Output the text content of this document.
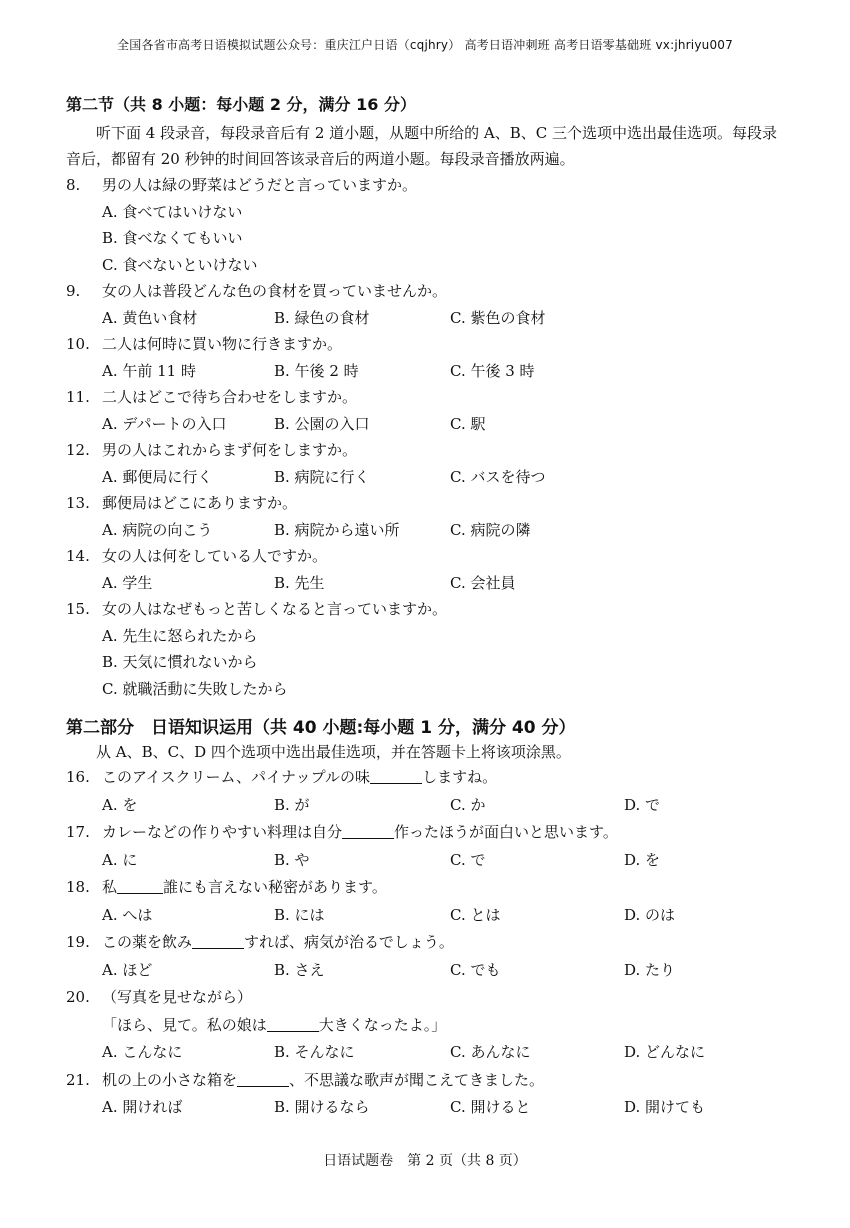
全国各省市高考日语模拟试题公众号：重庆江户日语（cqjhry） 高考日语冲刺班 高考日语零基础班 vx:jhriyu007
第二节（共 8 小题：每小题 2 分，满分 16 分）
听下面 4 段录音，每段录音后有 2 道小题，从题中所给的 A、B、C 三个选项中选出最佳选项。每段录音后，都留有 20 秒钟的时间回答该录音后的两道小题。每段录音播放两遍。
8. 男の人は緑の野菜はどうだと言っていますか。
A. 食べてはいけない
B. 食べなくてもいい
C. 食べないといけない
9. 女の人は普段どんな色の食材を買っていませんか。
A. 黄色い食材	B. 緑色の食材	C. 紫色の食材
10. 二人は何時に買い物に行きますか。
A. 午前 11 時	B. 午後 2 時	C. 午後 3 時
11. 二人はどこで待ち合わせをしますか。
A. デパートの入口	B. 公園の入口	C. 駅
12. 男の人はこれからまず何をしますか。
A. 郵便局に行く	B. 病院に行く	C. バスを待つ
13. 郵便局はどこにありますか。
A. 病院の向こう	B. 病院から遠い所	C. 病院の隣
14. 女の人は何をしている人ですか。
A. 学生	B. 先生	C. 会社員
15. 女の人はなぜもっと苦しくなると言っていますか。
A. 先生に怒られたから
B. 天気に慣れないから
C. 就職活動に失敗したから
第二部分　日语知识运用（共 40 小题:每小题 1 分，满分 40 分）
从 A、B、C、D 四个选项中选出最佳选项，并在答题卡上将该项涂黑。
16. このアイスクリーム、パイナップルの味	しますね。
A. を	B. が	C. か	D. で
17. カレーなどの作りやすい料理は自分	作ったほうが面白いと思います。
A. に	B. や	C. で	D. を
18. 私	誰にも言えない秘密があります。
A. へは	B. には	C. とは	D. のは
19. この薬を飲み	すれば、病気が治るでしょう。
A. ほど	B. さえ	C. でも	D. たり
20. （写真を見せながら）
「ほら、見て。私の娘は	大きくなったよ。」
A. こんなに	B. そんなに	C. あんなに	D. どんなに
21. 机の上の小さな箱を	、不思議な歌声が聞こえてきました。
A. 開ければ	B. 開けるなら	C. 開けると	D. 開けても
日语试题卷　第 2 页（共 8 页）
